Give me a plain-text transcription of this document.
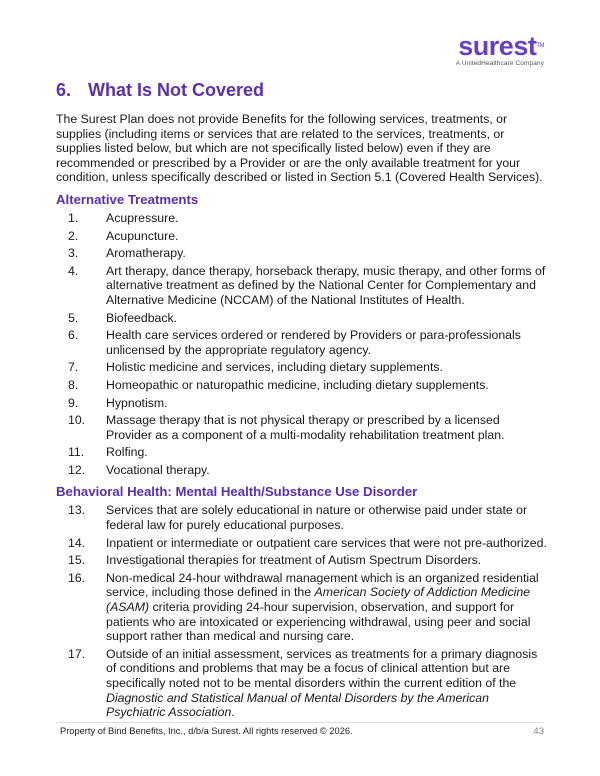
surest™
A UnitedHealthcare Company
6. What Is Not Covered

The Surest Plan does not provide Benefits for the following services, treatments, or supplies (including items or services that are related to the services, treatments, or supplies listed below, but which are not specifically listed below) even if they are recommended or prescribed by a Provider or are the only available treatment for your condition, unless specifically described or listed in Section 5.1 (Covered Health Services).

Alternative Treatments
1.	Acupressure.
2.	Acupuncture.
3.	Aromatherapy.
4.	Art therapy, dance therapy, horseback therapy, music therapy, and other forms of alternative treatment as defined by the National Center for Complementary and Alternative Medicine (NCCAM) of the National Institutes of Health.
5.	Biofeedback.
6.	Health care services ordered or rendered by Providers or para-professionals unlicensed by the appropriate regulatory agency.
7.	Holistic medicine and services, including dietary supplements.
8.	Homeopathic or naturopathic medicine, including dietary supplements.
9.	Hypnotism.
10.	Massage therapy that is not physical therapy or prescribed by a licensed Provider as a component of a multi-modality rehabilitation treatment plan.
11.	Rolfing.
12.	Vocational therapy.
Behavioral Health: Mental Health/Substance Use Disorder
13.	Services that are solely educational in nature or otherwise paid under state or federal law for purely educational purposes.
14.	Inpatient or intermediate or outpatient care services that were not pre-authorized.
15.	Investigational therapies for treatment of Autism Spectrum Disorders.
16.	Non-medical 24-hour withdrawal management which is an organized residential service, including those defined in the American Society of Addiction Medicine (ASAM) criteria providing 24-hour supervision, observation, and support for patients who are intoxicated or experiencing withdrawal, using peer and social support rather than medical and nursing care.
17.	Outside of an initial assessment, services as treatments for a primary diagnosis of conditions and problems that may be a focus of clinical attention but are specifically noted not to be mental disorders within the current edition of the Diagnostic and Statistical Manual of Mental Disorders by the American Psychiatric Association.
Property of Bind Benefits, Inc., d/b/a Surest. All rights reserved © 2026.	43
